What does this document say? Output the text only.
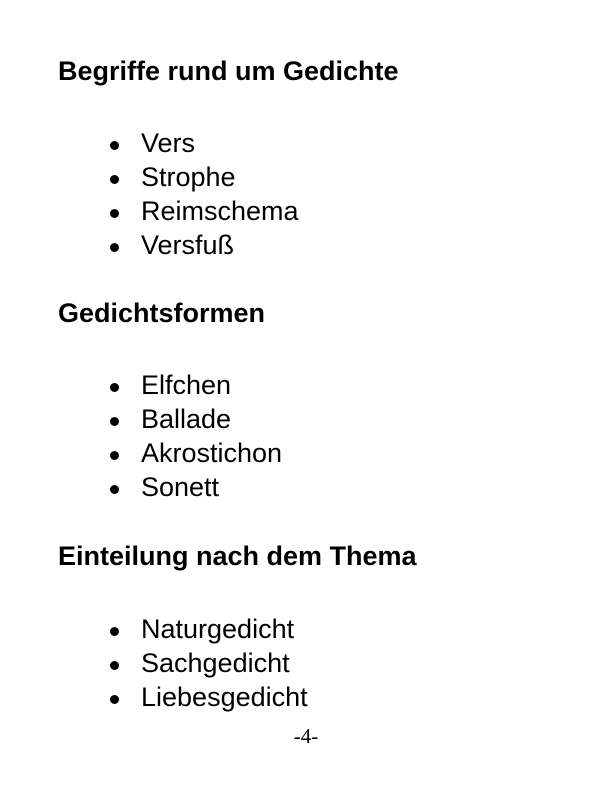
Begriffe rund um Gedichte
Vers
Strophe
Reimschema
Versfuß
Gedichtsformen
Elfchen
Ballade
Akrostichon
Sonett
Einteilung nach dem Thema
Naturgedicht
Sachgedicht
Liebesgedicht
-4-
